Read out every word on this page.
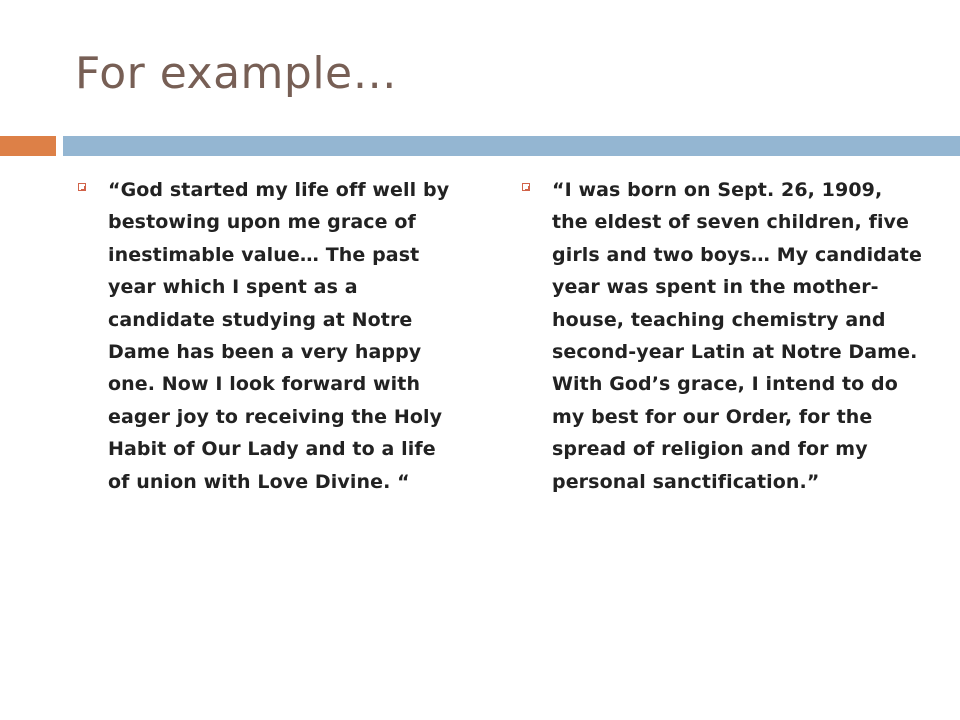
For example…

“God started my life off well by bestowing upon me grace of inestimable value… The past year which I spent as a candidate studying at Notre Dame has been a very happy one. Now I look forward with eager joy to receiving the Holy Habit of Our Lady and to a life of union with Love Divine. “

“I was born on Sept. 26, 1909, the eldest of seven children, five girls and two boys… My candidate year was spent in the mother-house, teaching chemistry and second-year Latin at Notre Dame. With God’s grace, I intend to do my best for our Order, for the spread of religion and for my personal sanctification.”
